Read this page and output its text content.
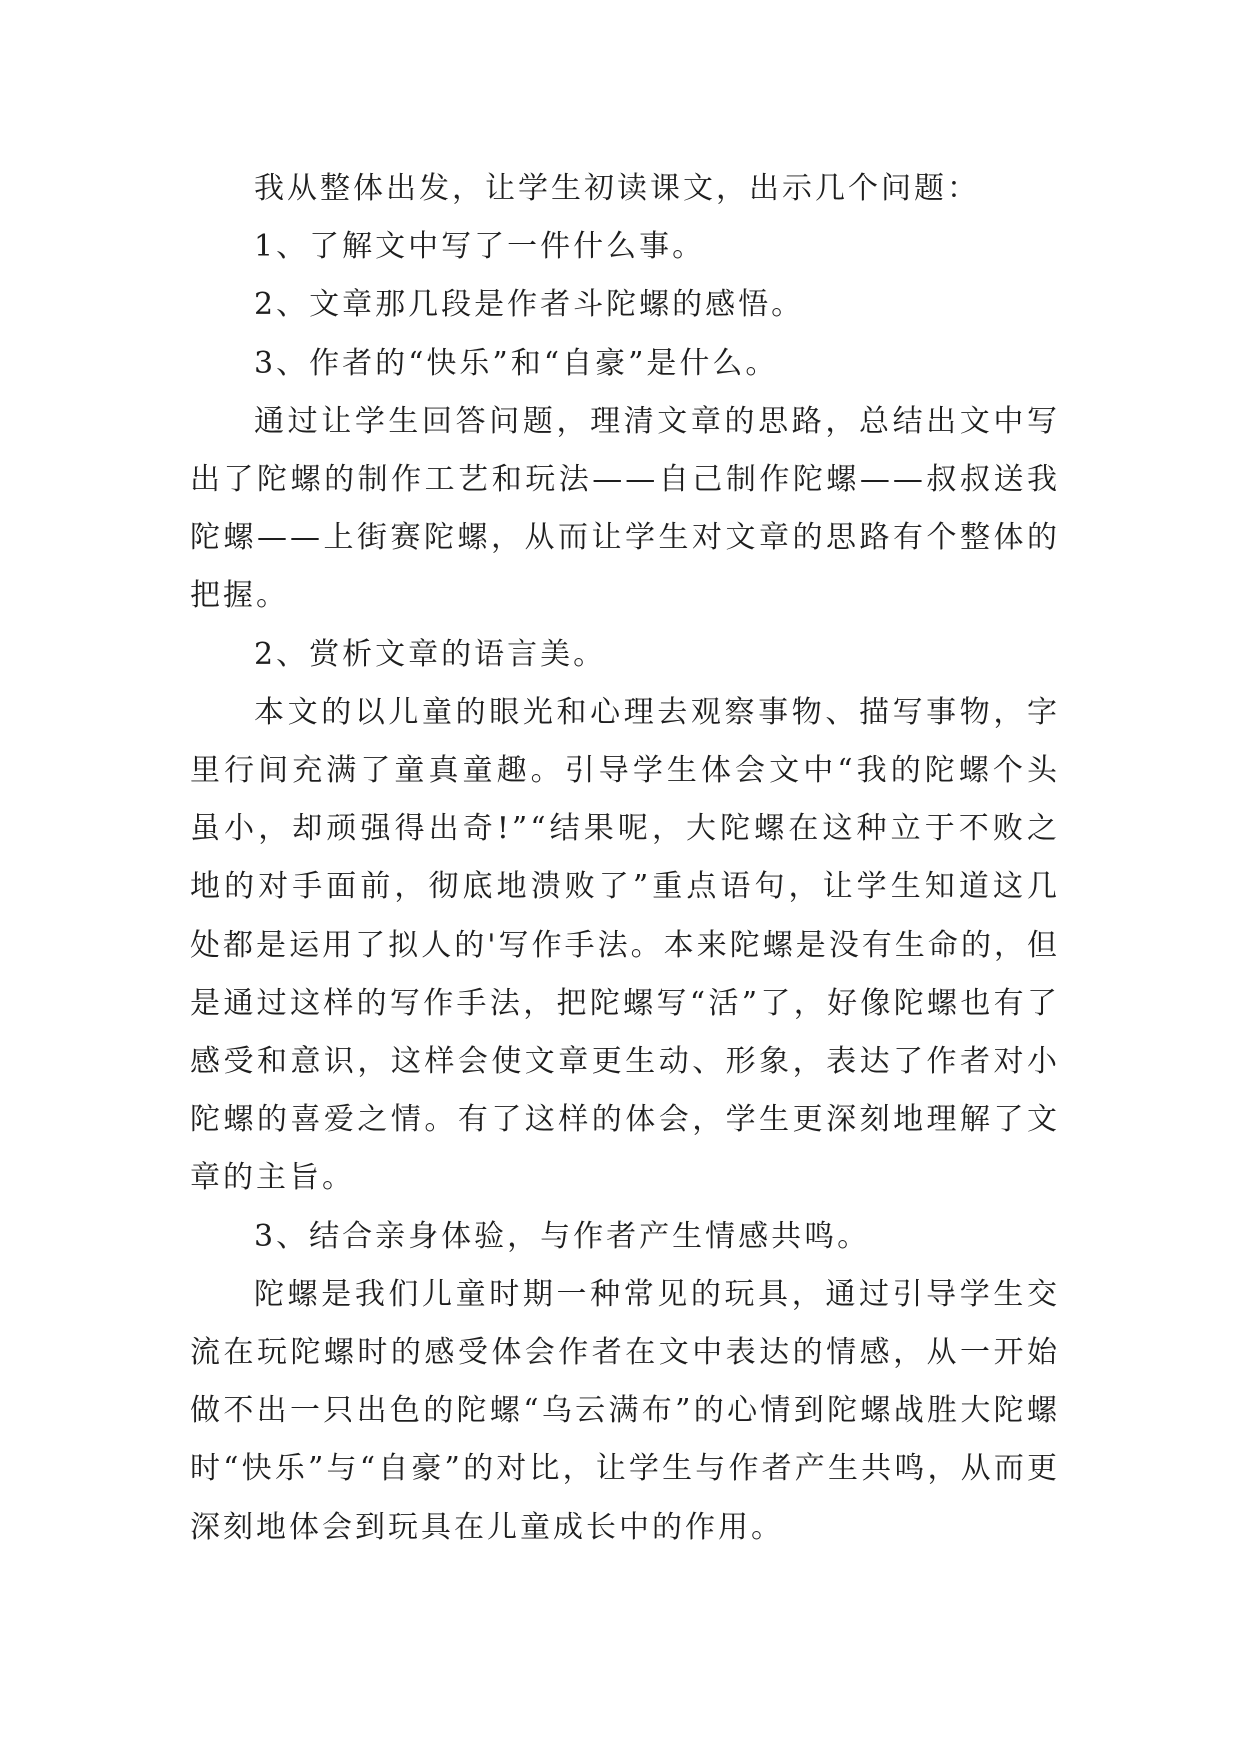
我从整体出发，让学生初读课文，出示几个问题：

1、了解文中写了一件什么事。

2、文章那几段是作者斗陀螺的感悟。

3、作者的“快乐”和“自豪”是什么。

通过让学生回答问题，理清文章的思路，总结出文中写出了陀螺的制作工艺和玩法——自己制作陀螺——叔叔送我陀螺——上街赛陀螺，从而让学生对文章的思路有个整体的把握。

2、赏析文章的语言美。

本文的以儿童的眼光和心理去观察事物、描写事物，字里行间充满了童真童趣。引导学生体会文中“我的陀螺个头虽小，却顽强得出奇!”“结果呢，大陀螺在这种立于不败之地的对手面前，彻底地溃败了”重点语句，让学生知道这几处都是运用了拟人的'写作手法。本来陀螺是没有生命的，但是通过这样的写作手法，把陀螺写“活”了，好像陀螺也有了感受和意识，这样会使文章更生动、形象，表达了作者对小陀螺的喜爱之情。有了这样的体会，学生更深刻地理解了文章的主旨。

3、结合亲身体验，与作者产生情感共鸣。

陀螺是我们儿童时期一种常见的玩具，通过引导学生交流在玩陀螺时的感受体会作者在文中表达的情感，从一开始做不出一只出色的陀螺“乌云满布”的心情到陀螺战胜大陀螺时“快乐”与“自豪”的对比，让学生与作者产生共鸣，从而更深刻地体会到玩具在儿童成长中的作用。
